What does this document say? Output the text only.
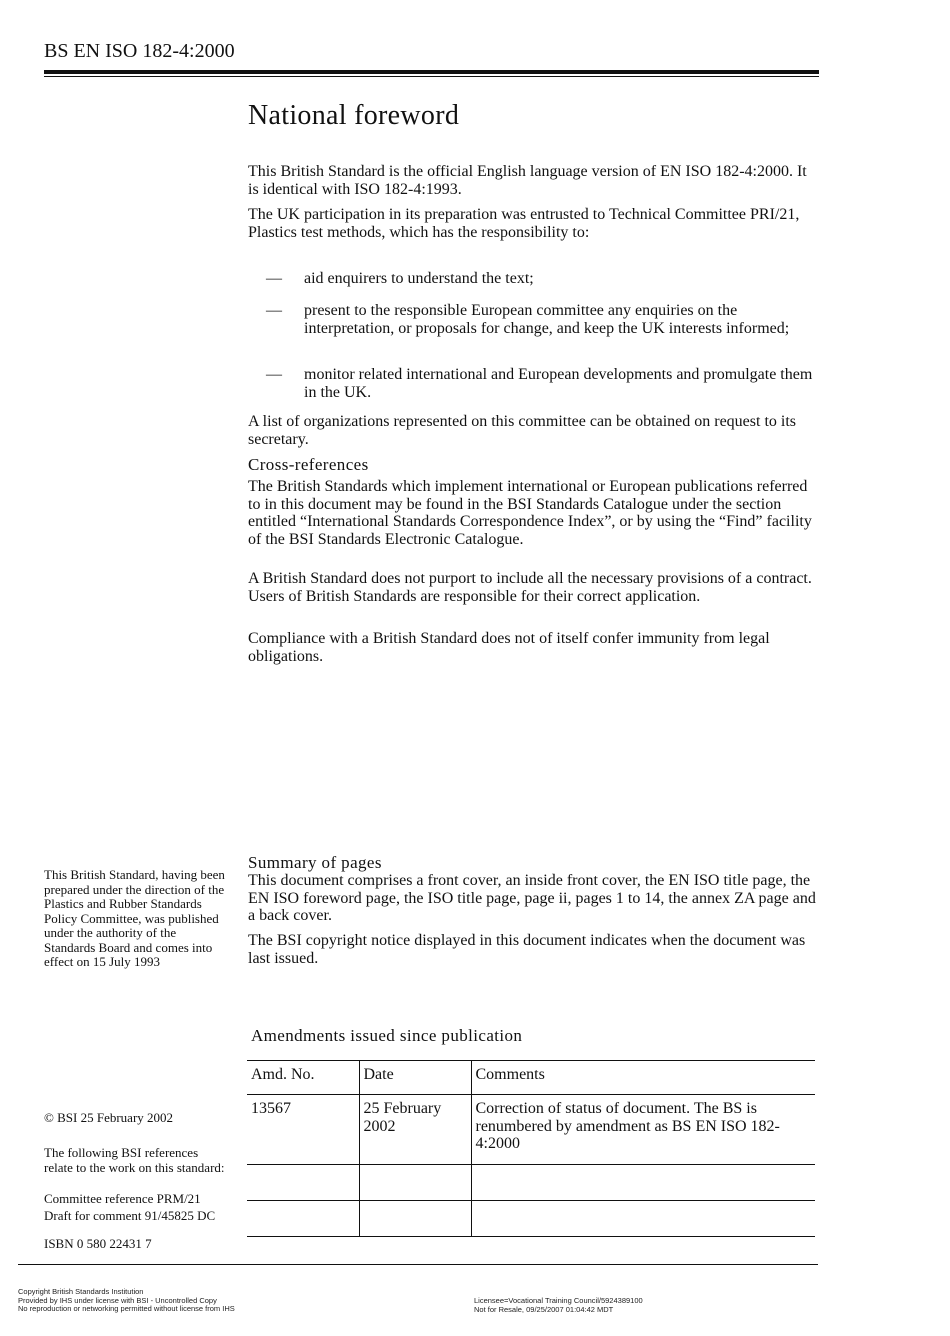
BS EN ISO 182-4:2000
National foreword

This British Standard is the official English language version of EN ISO 182-4:2000. It is identical with ISO 182-4:1993.

The UK participation in its preparation was entrusted to Technical Committee PRI/21, Plastics test methods, which has the responsibility to:

— aid enquirers to understand the text;
— present to the responsible European committee any enquiries on the interpretation, or proposals for change, and keep the UK interests informed;
— monitor related international and European developments and promulgate them in the UK.
A list of organizations represented on this committee can be obtained on request to its secretary.
Cross-references
The British Standards which implement international or European publications referred to in this document may be found in the BSI Standards Catalogue under the section entitled “International Standards Correspondence Index”, or by using the “Find” facility of the BSI Standards Electronic Catalogue.
A British Standard does not purport to include all the necessary provisions of a contract. Users of British Standards are responsible for their correct application.
Compliance with a British Standard does not of itself confer immunity from legal obligations.
This British Standard, having been prepared under the direction of the Plastics and Rubber Standards Policy Committee, was published under the authority of the Standards Board and comes into effect on 15 July 1993
Summary of pages
This document comprises a front cover, an inside front cover, the EN ISO title page, the EN ISO foreword page, the ISO title page, page ii, pages 1 to 14, the annex ZA page and a back cover.
The BSI copyright notice displayed in this document indicates when the document was last issued.
Amendments issued since publication
Amd. No.	Date	Comments
13567	25 February 2002	Correction of status of document. The BS is renumbered by amendment as BS EN ISO 182-4:2000

© BSI 25 February 2002
The following BSI references relate to the work on this standard:
Committee reference PRM/21
Draft for comment 91/45825 DC
ISBN 0 580 22431 7

Copyright British Standards Institution

Provided by IHS under license with BSI - Uncontrolled Copy

No reproduction or networking permitted without license from IHS

Licensee=Vocational Training Council/5924389100

Not for Resale, 09/25/2007 01:04:42 MDT
